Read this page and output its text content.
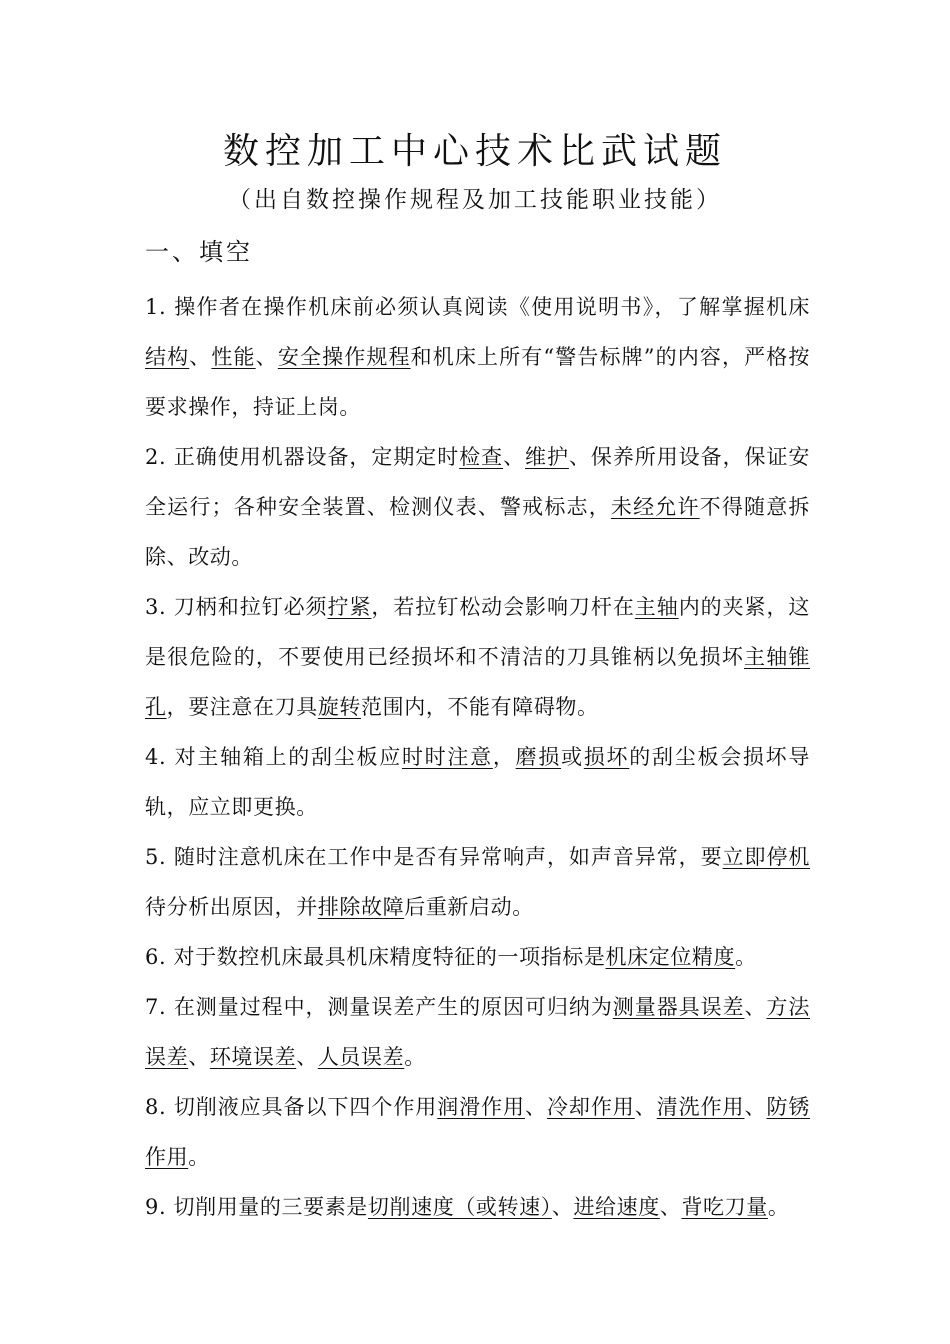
数控加工中心技术比武试题
（出自数控操作规程及加工技能职业技能）
一、填空

1. 操作者在操作机床前必须认真阅读《使用说明书》，了解掌握机床结构、性能、安全操作规程和机床上所有“警告标牌”的内容，严格按要求操作，持证上岗。

2. 正确使用机器设备，定期定时检查、维护、保养所用设备，保证安全运行；各种安全装置、检测仪表、警戒标志，未经允许不得随意拆除、改动。

3. 刀柄和拉钉必须拧紧，若拉钉松动会影响刀杆在主轴内的夹紧，这是很危险的，不要使用已经损坏和不清洁的刀具锥柄以免损坏主轴锥孔，要注意在刀具旋转范围内，不能有障碍物。

4. 对主轴箱上的刮尘板应时时注意，磨损或损坏的刮尘板会损坏导轨，应立即更换。

5. 随时注意机床在工作中是否有异常响声，如声音异常，要立即停机待分析出原因，并排除故障后重新启动。

6. 对于数控机床最具机床精度特征的一项指标是机床定位精度。

7. 在测量过程中，测量误差产生的原因可归纳为测量器具误差、方法误差、环境误差、人员误差。

8. 切削液应具备以下四个作用润滑作用、冷却作用、清洗作用、防锈作用。

9. 切削用量的三要素是切削速度（或转速）、进给速度、背吃刀量。
